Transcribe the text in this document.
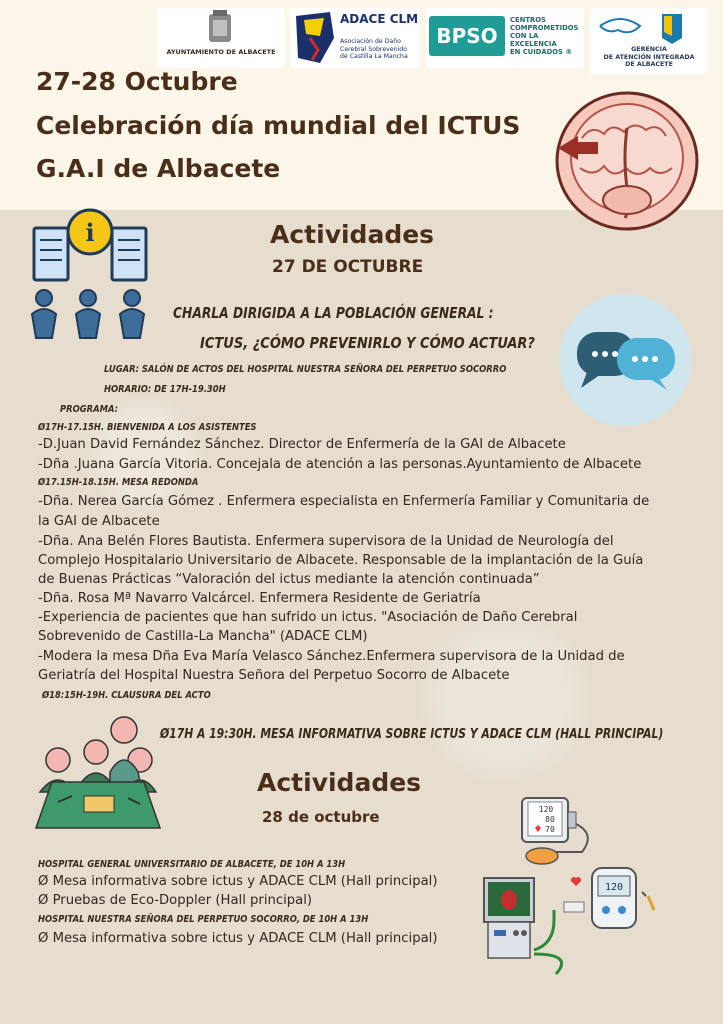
AYUNTAMIENTO DE ALBACETE
ADACE CLM
Asociación de Daño
Cerebral Sobrevenido
de Castilla La Mancha
BPSO
CENTROS
COMPROMETIDOS
CON LA
EXCELENCIA
EN CUIDADOS ®	GERENCIA
DE ATENCIÓN INTEGRADA
DE ALBACETE
27-28 Octubre
Celebración día mundial del ICTUS
G.A.I de Albacete
i	Actividades
27 DE OCTUBRE
CHARLA DIRIGIDA A LA POBLACIÓN GENERAL :
ICTUS, ¿CÓMO PREVENIRLO Y CÓMO ACTUAR?
LUGAR: SALÓN DE ACTOS DEL HOSPITAL NUESTRA SEÑORA DEL PERPETUO SOCORRO
HORARIO: DE 17H-19.30H
PROGRAMA:
Ø17H-17.15H. BIENVENIDA A LOS ASISTENTES
-D.Juan David Fernández Sánchez. Director de Enfermería de la GAI de Albacete
-Dña .Juana García Vitoria. Concejala de atención a las personas.Ayuntamiento de Albacete
Ø17.15H-18.15H. MESA REDONDA
-Dña. Nerea García Gómez . Enfermera especialista en Enfermería Familiar y Comunitaria de
la GAI de Albacete
-Dña. Ana Belén Flores Bautista. Enfermera supervisora de la Unidad de Neurología del
Complejo Hospitalario Universitario de Albacete. Responsable de la implantación de la Guía
de Buenas Prácticas “Valoración del ictus mediante la atención continuada”
-Dña. Rosa Mª Navarro Valcárcel. Enfermera Residente de Geriatría
-Experiencia de pacientes que han sufrido un ictus. "Asociación de Daño Cerebral
Sobrevenido de Castilla-La Mancha" (ADACE CLM)
-Modera la mesa Dña Eva María Velasco Sánchez.Enfermera supervisora de la Unidad de
Geriatría del Hospital Nuestra Señora del Perpetuo Socorro de Albacete
Ø18:15H-19H. CLAUSURA DEL ACTO
Ø17H A 19:30H. MESA INFORMATIVA SOBRE ICTUS Y ADACE CLM (HALL PRINCIPAL)
Actividades
28 de octubre
HOSPITAL GENERAL UNIVERSITARIO DE ALBACETE, DE 10H A 13H
Ø Mesa informativa sobre ictus y ADACE CLM (Hall principal)
Ø Pruebas de Eco-Doppler (Hall principal)
HOSPITAL NUESTRA SEÑORA DEL PERPETUO SOCORRO, DE 10H A 13H
Ø Mesa informativa sobre ictus y ADACE CLM (Hall principal)
120
80
70
120
